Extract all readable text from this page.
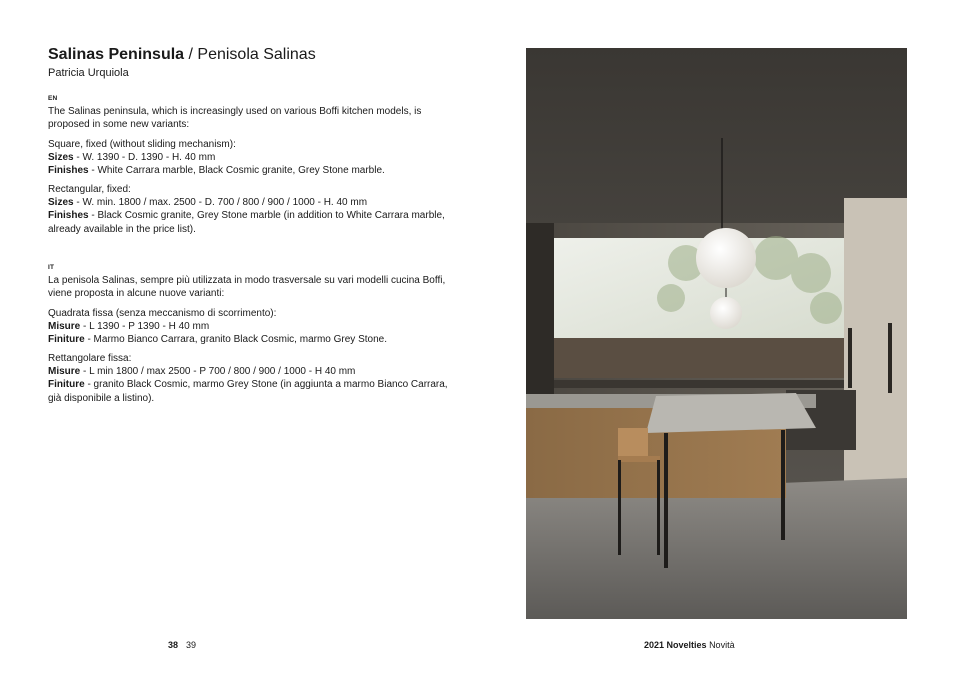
Salinas Peninsula / Penisola Salinas
Patricia Urquiola
EN
The Salinas peninsula, which is increasingly used on various Boffi kitchen models, is proposed in some new variants:

Square, fixed (without sliding mechanism):

Sizes - W. 1390 - D. 1390 - H. 40 mm

Finishes - White Carrara marble, Black Cosmic granite, Grey Stone marble.

Rectangular, fixed:

Sizes - W. min. 1800 / max. 2500 - D. 700 / 800 / 900 / 1000 - H. 40 mm

Finishes - Black Cosmic granite, Grey Stone marble (in addition to White Carrara marble, already available in the price list).

IT
La penisola Salinas, sempre più utilizzata in modo trasversale su vari modelli cucina Boffi, viene proposta in alcune nuove varianti:

Quadrata fissa (senza meccanismo di scorrimento):

Misure - L 1390 - P 1390 - H 40 mm

Finiture - Marmo Bianco Carrara, granito Black Cosmic, marmo Grey Stone.

Rettangolare fissa:

Misure - L min 1800 / max 2500 - P 700 / 800 / 900 / 1000 - H 40 mm

Finiture - granito Black Cosmic, marmo Grey Stone (in aggiunta a marmo Bianco Carrara, già disponibile a listino).

38 39	2021 Novelties Novità
